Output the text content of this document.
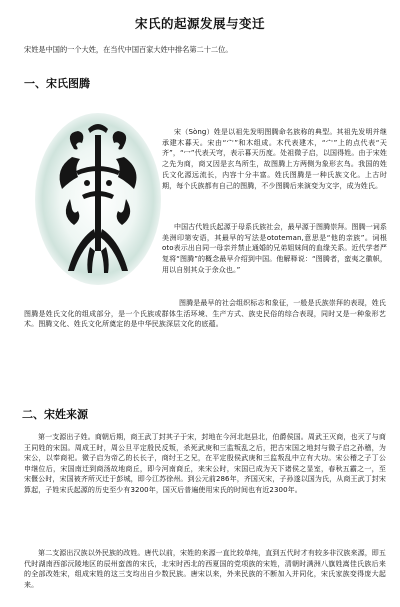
宋氏的起源发展与变迁
宋姓是中国的一个大姓，在当代中国百家大姓中排名第二十二位。
一、宋氏图腾
宋（Sòng）姓是以祖先发明图腾命名族称的典型。其祖先发明并继承建木暮天。宋由“宀”和木组成。木代表建木，“宀”上的点代表“天齐”，“冖”代表天穹，表示暮天历度。处祖微子启，以国得姓。由于宋姓之先为商，商又因是玄鸟所生，故图腾上方两侧为象形玄鸟。我国的姓氏文化源远流长，内容十分丰富。姓氏图腾是一种氏族文化。上古时期，每个氏族都有自己的图腾，不少图腾后来演变为文字，成为姓氏。
中国古代姓氏起源于母系氏族社会，最早源于图腾崇拜。图腾一词系美洲印第安语，其最早的写法是ototeman,意思是“他的亲族”。词根oto表示出自同一母亲并禁止通婚的兄弟姐妹间的血缘关系。近代学者严复将“图腾”的概念最早介绍到中国。他解释说：“图腾者，蛮夷之徽帜，用以自别其众于余众也。”
图腾是最早的社会组织标志和象征，一般是氏族崇拜的表现，姓氏图腾是姓氏文化的组成部分，是一个氏族或群体生活环境、生产方式、族史民俗的综合表现，同时又是一种象形艺术。图腾文化、姓氏文化所奠定的是中华民族深层文化的底蕴。
二、宋姓来源
第一支源出子姓。商朝后期，商王武丁封其子于宋，封地在今河北赵县北，伯爵侯国。周武王灭商，也灭了与商王同姓的宋国。周成王时，周公旦平定殷民反叛，杀死武庚和三监叛乱之后，把古宋国之地封与微子启之孙稽，为宋公，以奉商祀。微子启为帝乙的长长子，商纣王之兄，在平定殷侯武庚和三监叛乱中立有大功。宋公稽之子丁公申继位后，宋国南迁到商汤故地商丘，即今河南商丘，来宋公时，宋国已成为天下诸侯之显室，春秋五霸之一，至宋偃公时，宋国被齐所灭迁于彭城，即今江苏徐州。到公元前286年，齐国灭宋，子孙遂以国为氏，从商王武丁封宋算起，子姓宋氏起源的历史至少有3200年，国灭后普遍使用宋氏的时间也有近2300年。
第二支源出汉族以外民族的改姓。唐代以前，宋姓的来源一直比较单纯，直到五代时才有较多非汉族来源，即五代时湖南西部沅陵地区的辰州蛮酋的宋氏，北宋时西北的西夏国的党项族的宋姓，清朝时满洲八旗姓嵩佳氏族后来的全部改姓宋，组成宋姓的这三支均出自少数民族。唐宋以来，外来民族的不断加入并同化，宋氏家族变得庞大起来。
